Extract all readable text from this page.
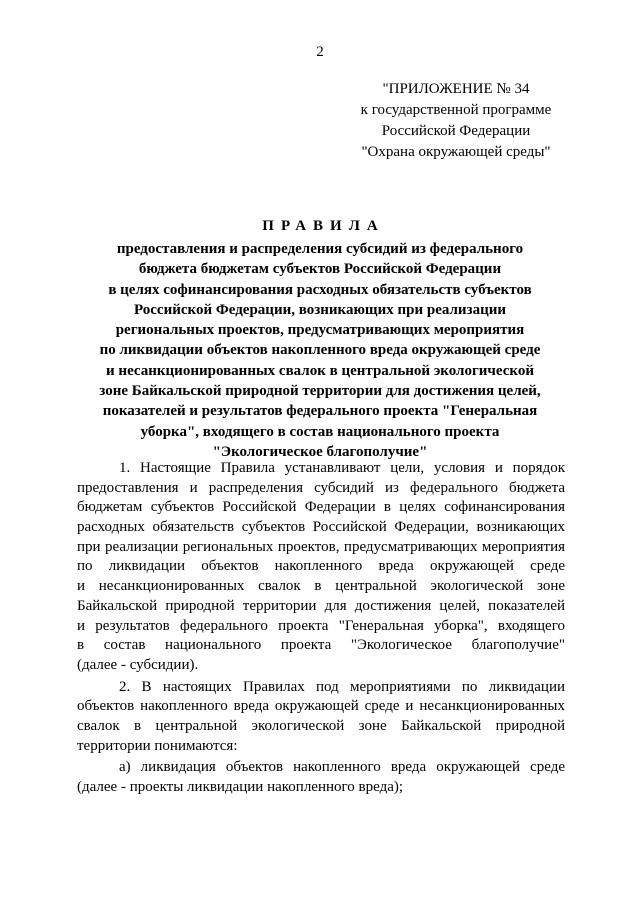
2
"ПРИЛОЖЕНИЕ № 34
к государственной программе
Российской Федерации
"Охрана окружающей среды"
ПРАВИЛА
предоставления и распределения субсидий из федерального
бюджета бюджетам субъектов Российской Федерации
в целях софинансирования расходных обязательств субъектов
Российской Федерации, возникающих при реализации
региональных проектов, предусматривающих мероприятия
по ликвидации объектов накопленного вреда окружающей среде
и несанкционированных свалок в центральной экологической
зоне Байкальской природной территории для достижения целей,
показателей и результатов федерального проекта "Генеральная
уборка", входящего в состав национального проекта
"Экологическое благополучие"
1. Настоящие Правила устанавливают цели, условия и порядок
предоставления и распределения субсидий из федерального бюджета
бюджетам субъектов Российской Федерации в целях софинансирования
расходных обязательств субъектов Российской Федерации, возникающих
при реализации региональных проектов, предусматривающих мероприятия
по ликвидации объектов накопленного вреда окружающей среде
и несанкционированных свалок в центральной экологической зоне
Байкальской природной территории для достижения целей, показателей
и результатов федерального проекта "Генеральная уборка", входящего
в состав национального проекта "Экологическое благополучие"
(далее - субсидии).
2. В настоящих Правилах под мероприятиями по ликвидации
объектов накопленного вреда окружающей среде и несанкционированных
свалок в центральной экологической зоне Байкальской природной
территории понимаются:
а) ликвидация объектов накопленного вреда окружающей среде
(далее - проекты ликвидации накопленного вреда);
